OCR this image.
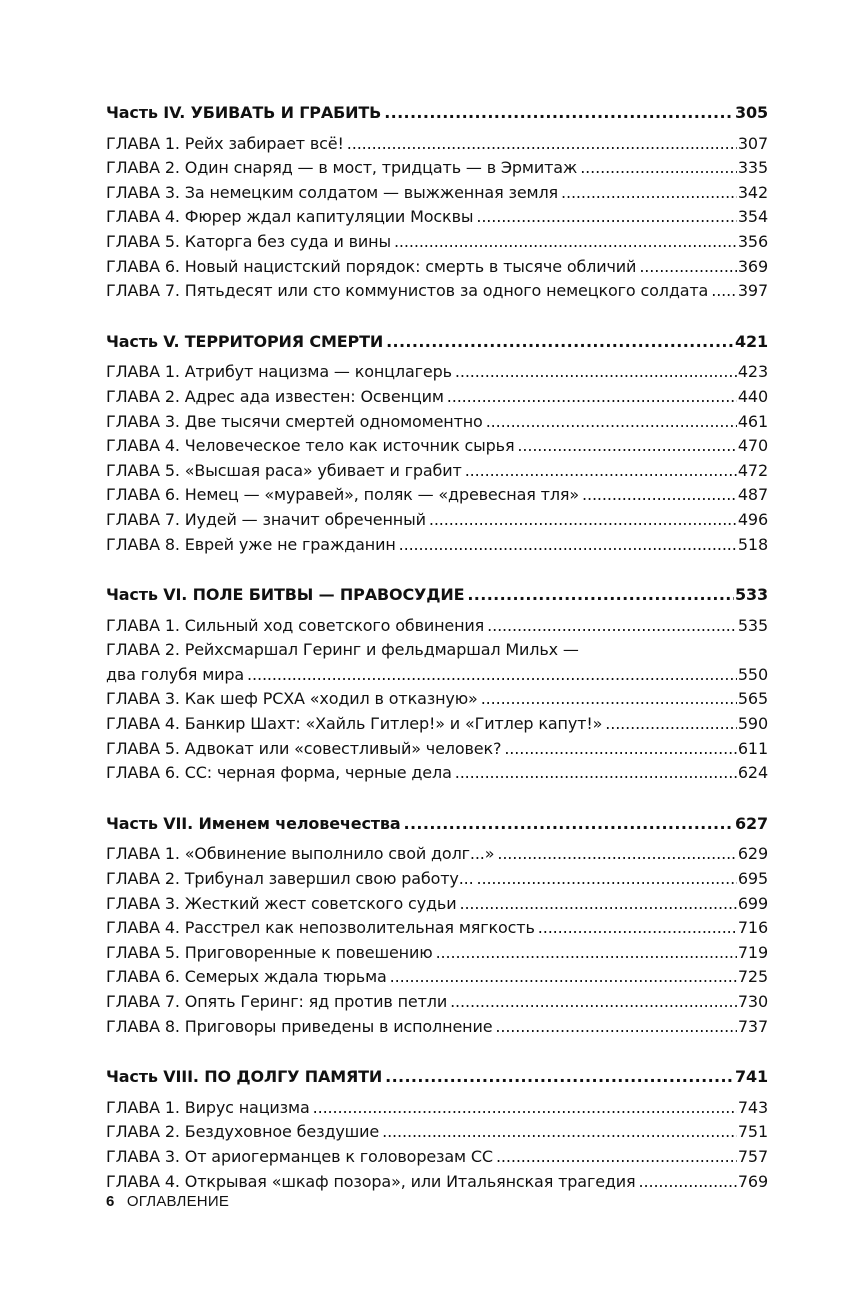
Часть IV. УБИВАТЬ И ГРАБИТЬ . . .	305
ГЛАВА 1. Рейх забирает всё! . . .	307
ГЛАВА 2. Один снаряд — в мост, тридцать — в Эрмитаж . . .	335
ГЛАВА 3. За немецким солдатом — выжженная земля . . .	342
ГЛАВА 4. Фюрер ждал капитуляции Москвы . . .	354
ГЛАВА 5. Каторга без суда и вины . . .	356
ГЛАВА 6. Новый нацистский порядок: смерть в тысяче обличий . . .	369
ГЛАВА 7. Пятьдесят или сто коммунистов за одного немецкого солдата . . . 397
Часть V. ТЕРРИТОРИЯ СМЕРТИ . . .	421
ГЛАВА 1. Атрибут нацизма — концлагерь . . .	423
ГЛАВА 2. Адрес ада известен: Освенцим . . .	440
ГЛАВА 3. Две тысячи смертей одномоментно . . .	461
ГЛАВА 4. Человеческое тело как источник сырья . . .	470
ГЛАВА 5. «Высшая раса» убивает и грабит . . .	472
ГЛАВА 6. Немец — «муравей», поляк — «древесная тля» . . .	487
ГЛАВА 7. Иудей — значит обреченный . . .	496
ГЛАВА 8. Еврей уже не гражданин . . .	518
Часть VI. ПОЛЕ БИТВЫ — ПРАВОСУДИЕ . . .	533
ГЛАВА 1. Сильный ход советского обвинения . . .	535
ГЛАВА 2. Рейхсмаршал Геринг и фельдмаршал Мильх —
два голубя мира . . .	550
ГЛАВА 3. Как шеф РСХА «ходил в отказную» . . .	565
ГЛАВА 4. Банкир Шахт: «Хайль Гитлер!» и «Гитлер капут!» . . .	590
ГЛАВА 5. Адвокат или «совестливый» человек? . . .	611
ГЛАВА 6. СС: черная форма, черные дела . . .	624
Часть VII. Именем человечества . . .	627
ГЛАВА 1. «Обвинение выполнило свой долг...» . . .	629
ГЛАВА 2. Трибунал завершил свою работу... . . .	695
ГЛАВА 3. Жесткий жест советского судьи . . .	699
ГЛАВА 4. Расстрел как непозволительная мягкость . . .	716
ГЛАВА 5. Приговоренные к повешению . . .	719
ГЛАВА 6. Семерых ждала тюрьма . . .	725
ГЛАВА 7. Опять Геринг: яд против петли . . .	730
ГЛАВА 8. Приговоры приведены в исполнение . . .	737
Часть VIII. ПО ДОЛГУ ПАМЯТИ . . .	741
ГЛАВА 1. Вирус нацизма . . .	743
ГЛАВА 2. Бездуховное бездушие . . .	751
ГЛАВА 3. От ариогерманцев к головорезам СС . . .	757
ГЛАВА 4. Открывая «шкаф позора», или Итальянская трагедия . . .	769
6 ОГЛАВЛЕНИЕ
